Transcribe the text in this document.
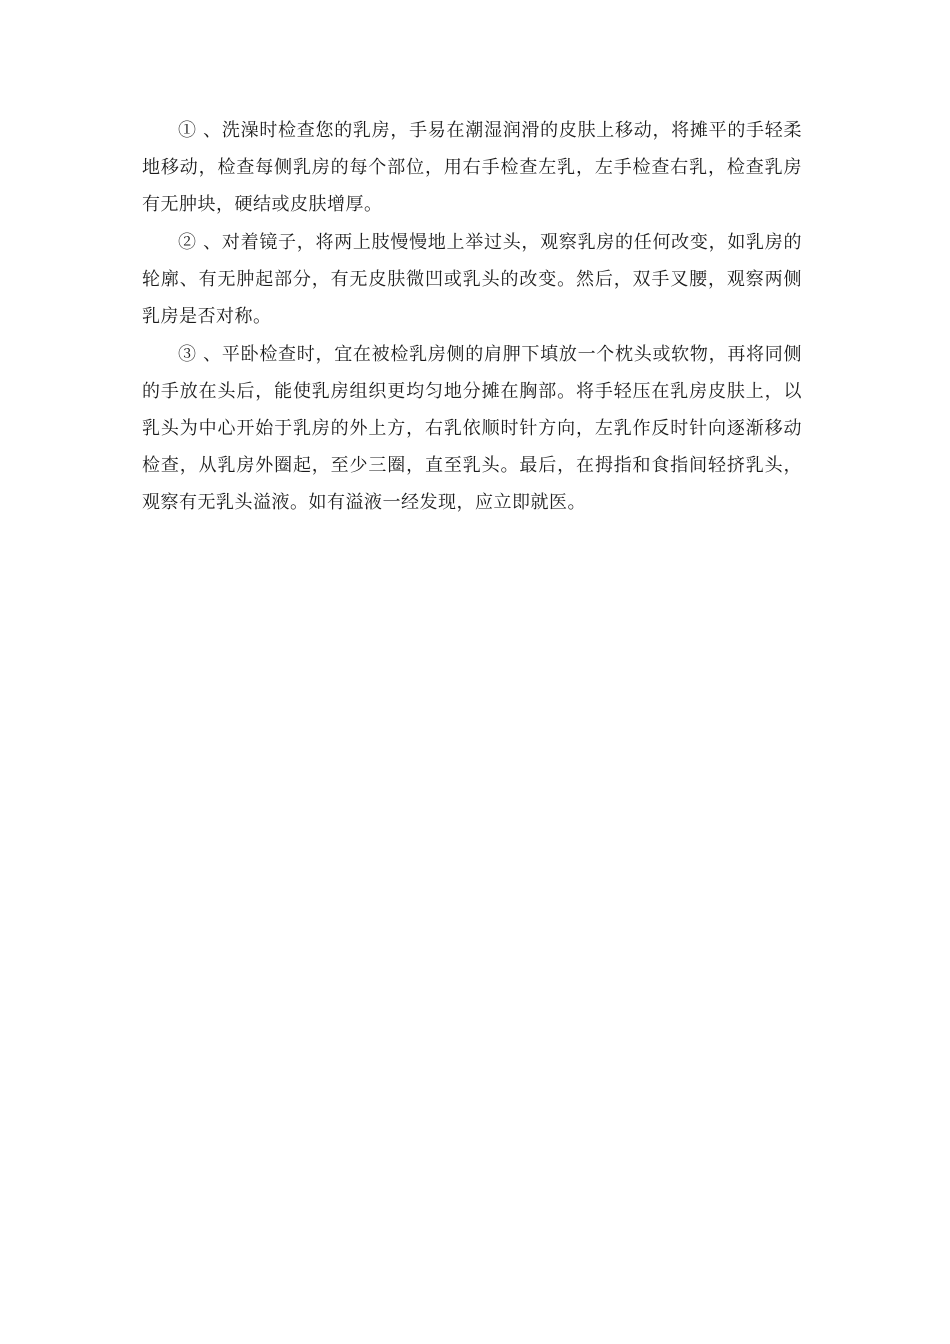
① 、洗澡时检查您的乳房，手易在潮湿润滑的皮肤上移动，将摊平的手轻柔地移动，检查每侧乳房的每个部位，用右手检查左乳，左手检查右乳，检查乳房有无肿块，硬结或皮肤增厚。

② 、对着镜子，将两上肢慢慢地上举过头，观察乳房的任何改变，如乳房的轮廓、有无肿起部分，有无皮肤微凹或乳头的改变。然后，双手叉腰，观察两侧乳房是否对称。

③ 、平卧检查时，宜在被检乳房侧的肩胛下填放一个枕头或软物，再将同侧的手放在头后，能使乳房组织更均匀地分摊在胸部。将手轻压在乳房皮肤上，以乳头为中心开始于乳房的外上方，右乳依顺时针方向，左乳作反时针向逐渐移动检查，从乳房外圈起，至少三圈，直至乳头。最后，在拇指和食指间轻挤乳头，观察有无乳头溢液。如有溢液一经发现，应立即就医。
